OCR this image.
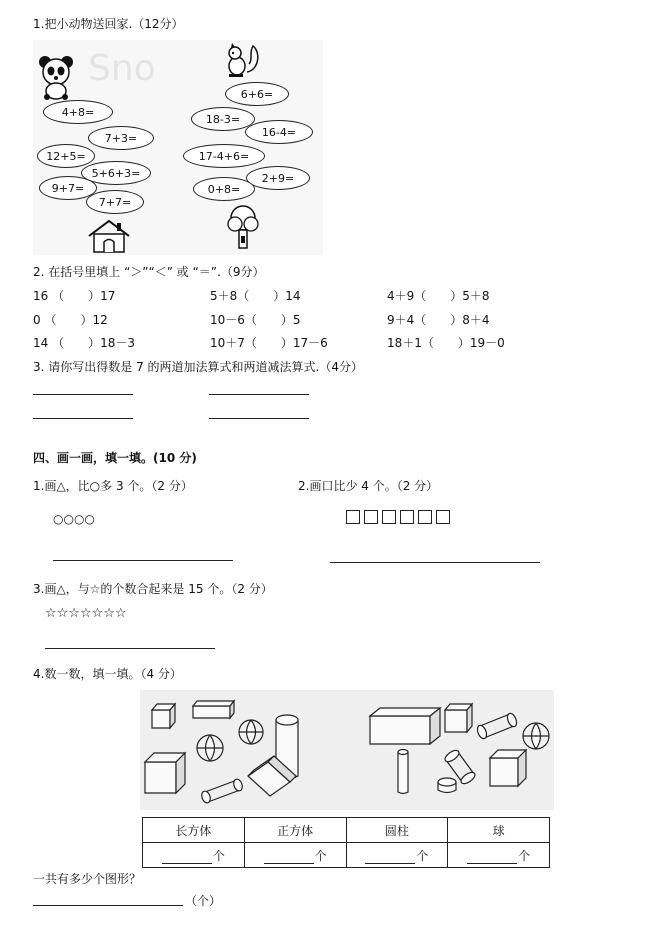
1.把小动物送回家.（12分）
Sno
4+8=
7+3=
12+5=
5+6+3=
9+7=
7+7=
6+6=
18-3=
16-4=
17-4+6=
2+9=
0+8=
2. 在括号里填上 “＞”“＜” 或 “＝”.（9分）
16 （　　）17	5＋8（　　）14	4＋9（　　）5＋8
0 （　　）12	10－6（　　）5	9＋4（　　）8＋4
14 （　　）18－3	10＋7（　　）17－6	18＋1（　　）19－0
3. 请你写出得数是 7 的两道加法算式和两道减法算式.（4分）
四、画一画，填一填。(10 分)
1.画△，比○多 3 个。（2 分）
○○○○
2.画口比少 4 个。（2 分）
3.画△，与☆的个数合起来是 15 个。（2 分）
☆☆☆☆☆☆☆
4.数一数，填一填。（4 分）
长方体	正方体	圆柱	球
个	个	个	个
一共有多少个图形？
（个）
